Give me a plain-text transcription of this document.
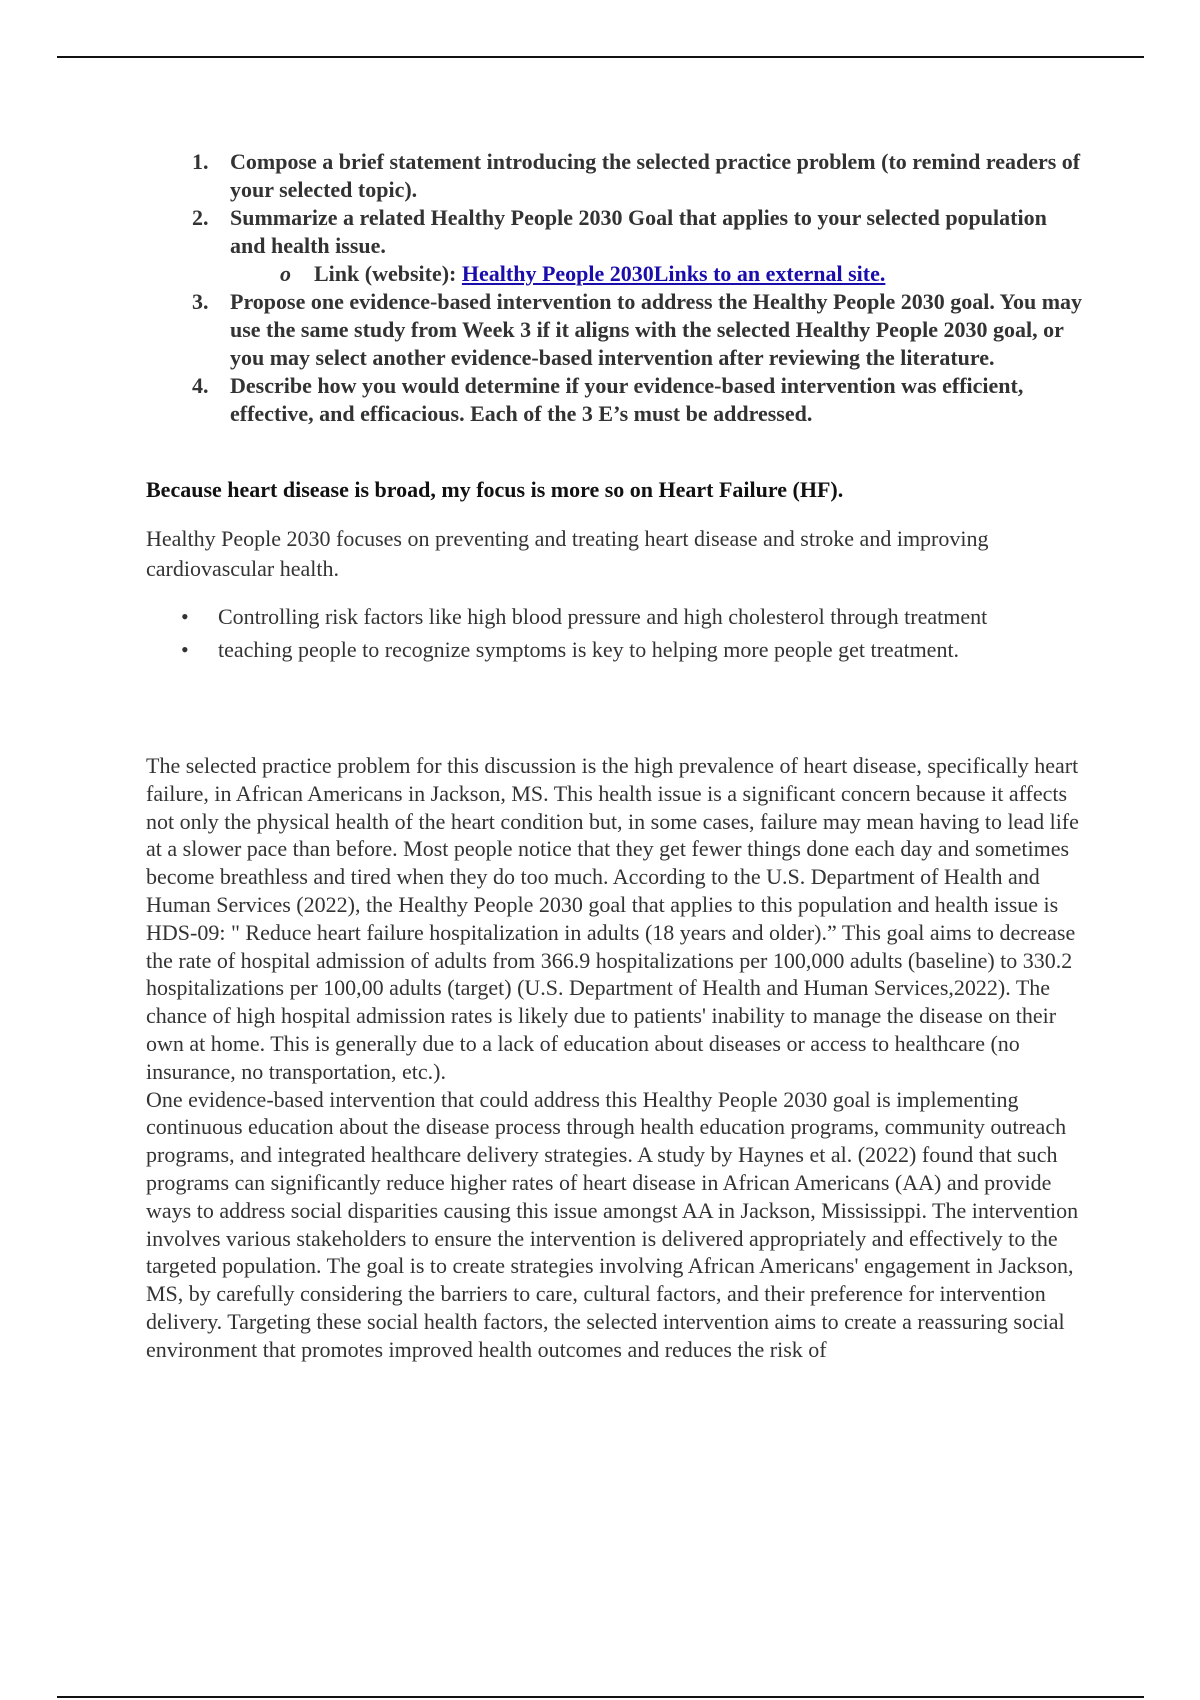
1. Compose a brief statement introducing the selected practice problem (to remind readers of your selected topic).
2. Summarize a related Healthy People 2030 Goal that applies to your selected population and health issue.
o Link (website): Healthy People 2030Links to an external site.
3. Propose one evidence-based intervention to address the Healthy People 2030 goal. You may use the same study from Week 3 if it aligns with the selected Healthy People 2030 goal, or you may select another evidence-based intervention after reviewing the literature.
4. Describe how you would determine if your evidence-based intervention was efficient, effective, and efficacious. Each of the 3 E’s must be addressed.
Because heart disease is broad, my focus is more so on Heart Failure (HF).
Healthy People 2030 focuses on preventing and treating heart disease and stroke and improving cardiovascular health.
• Controlling risk factors like high blood pressure and high cholesterol through treatment
• teaching people to recognize symptoms is key to helping more people get treatment.

The selected practice problem for this discussion is the high prevalence of heart disease, specifically heart failure, in African Americans in Jackson, MS. This health issue is a significant concern because it affects not only the physical health of the heart condition but, in some cases, failure may mean having to lead life at a slower pace than before. Most people notice that they get fewer things done each day and sometimes become breathless and tired when they do too much. According to the U.S. Department of Health and Human Services (2022), the Healthy People 2030 goal that applies to this population and health issue is HDS-09: " Reduce heart failure hospitalization in adults (18 years and older).” This goal aims to decrease the rate of hospital admission of adults from 366.9 hospitalizations per 100,000 adults (baseline) to 330.2 hospitalizations per 100,00 adults (target) (U.S. Department of Health and Human Services,2022). The chance of high hospital admission rates is likely due to patients' inability to manage the disease on their own at home. This is generally due to a lack of education about diseases or access to healthcare (no insurance, no transportation, etc.).

One evidence-based intervention that could address this Healthy People 2030 goal is implementing continuous education about the disease process through health education programs, community outreach programs, and integrated healthcare delivery strategies. A study by Haynes et al. (2022) found that such programs can significantly reduce higher rates of heart disease in African Americans (AA) and provide ways to address social disparities causing this issue amongst AA in Jackson, Mississippi. The intervention involves various stakeholders to ensure the intervention is delivered appropriately and effectively to the targeted population. The goal is to create strategies involving African Americans' engagement in Jackson, MS, by carefully considering the barriers to care, cultural factors, and their preference for intervention delivery. Targeting these social health factors, the selected intervention aims to create a reassuring social environment that promotes improved health outcomes and reduces the risk of
